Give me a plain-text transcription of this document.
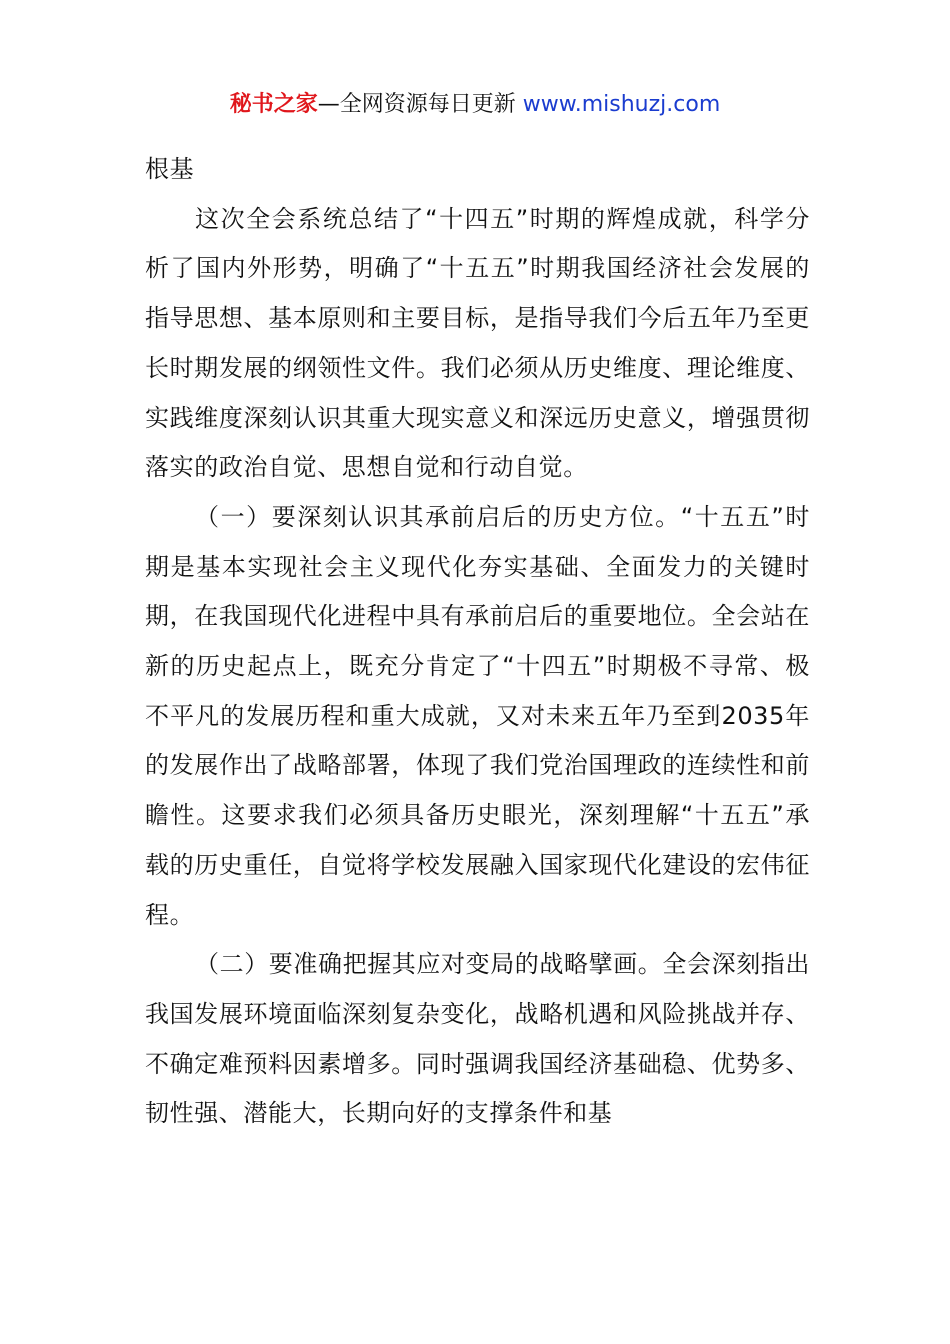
秘书之家—全网资源每日更新 www.mishuzj.com

根基

这次全会系统总结了“十四五”时期的辉煌成就，科学分析了国内外形势，明确了“十五五”时期我国经济社会发展的指导思想、基本原则和主要目标，是指导我们今后五年乃至更长时期发展的纲领性文件。我们必须从历史维度、理论维度、实践维度深刻认识其重大现实意义和深远历史意义，增强贯彻落实的政治自觉、思想自觉和行动自觉。

（一）要深刻认识其承前启后的历史方位。“十五五”时期是基本实现社会主义现代化夯实基础、全面发力的关键时期，在我国现代化进程中具有承前启后的重要地位。全会站在新的历史起点上，既充分肯定了“十四五”时期极不寻常、极不平凡的发展历程和重大成就，又对未来五年乃至到2035年的发展作出了战略部署，体现了我们党治国理政的连续性和前瞻性。这要求我们必须具备历史眼光，深刻理解“十五五”承载的历史重任，自觉将学校发展融入国家现代化建设的宏伟征程。

（二）要准确把握其应对变局的战略擘画。全会深刻指出我国发展环境面临深刻复杂变化，战略机遇和风险挑战并存、不确定难预料因素增多。同时强调我国经济基础稳、优势多、韧性强、潜能大，长期向好的支撑条件和基
